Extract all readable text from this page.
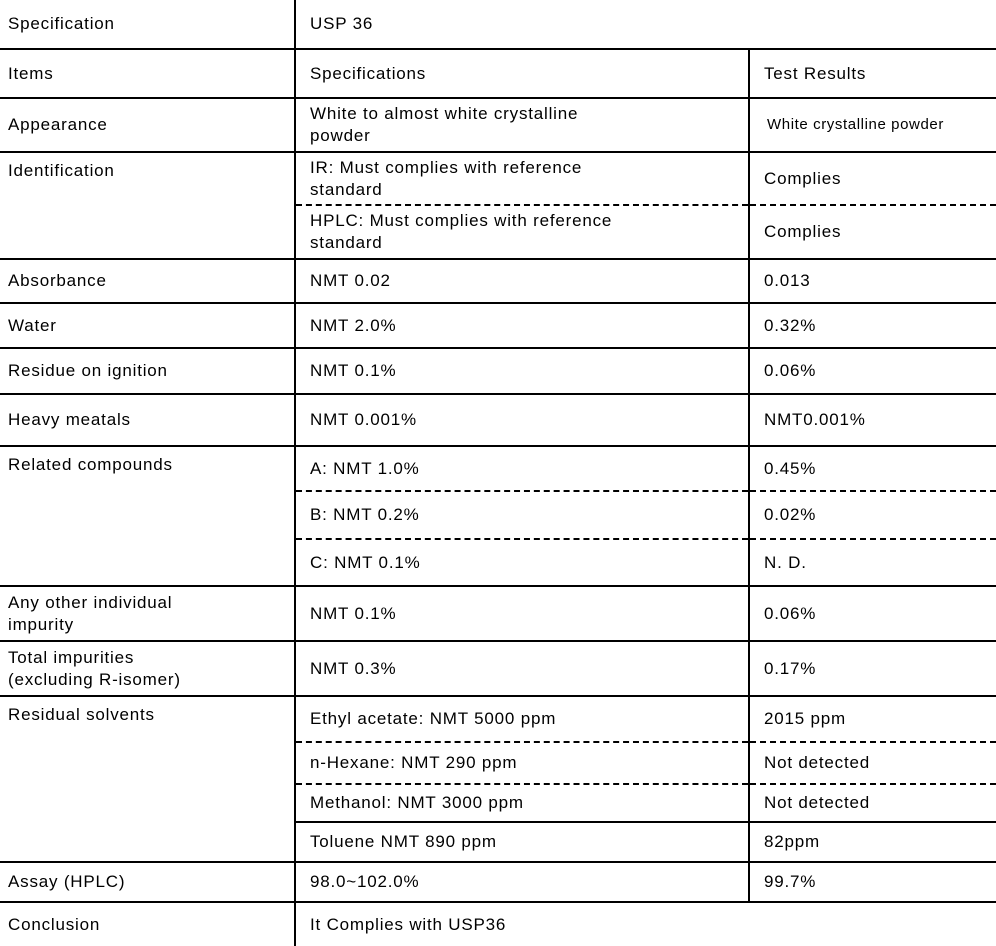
Specification	USP 36	
Items	Specifications	Test Results
Appearance	White to almost white crystalline powder	White crystalline powder
Identification	IR: Must complies with reference standard	Complies
	HPLC: Must complies with reference standard	Complies
Absorbance	NMT 0.02	0.013
Water	NMT 2.0%	0.32%
Residue on ignition	NMT 0.1%	0.06%
Heavy meatals	NMT 0.001%	NMT0.001%
Related compounds	A: NMT 1.0%	0.45%
	B: NMT 0.2%	0.02%
	C: NMT 0.1%	N. D.
Any other individual impurity	NMT 0.1%	0.06%
Total impurities (excluding R-isomer)	NMT 0.3%	0.17%
Residual solvents	Ethyl acetate: NMT 5000 ppm	2015 ppm
	n-Hexane: NMT 290 ppm	Not detected
	Methanol: NMT 3000 ppm	Not detected
	Toluene NMT 890 ppm	82ppm
Assay (HPLC)	98.0~102.0%	99.7%
Conclusion	It Complies with USP36	
